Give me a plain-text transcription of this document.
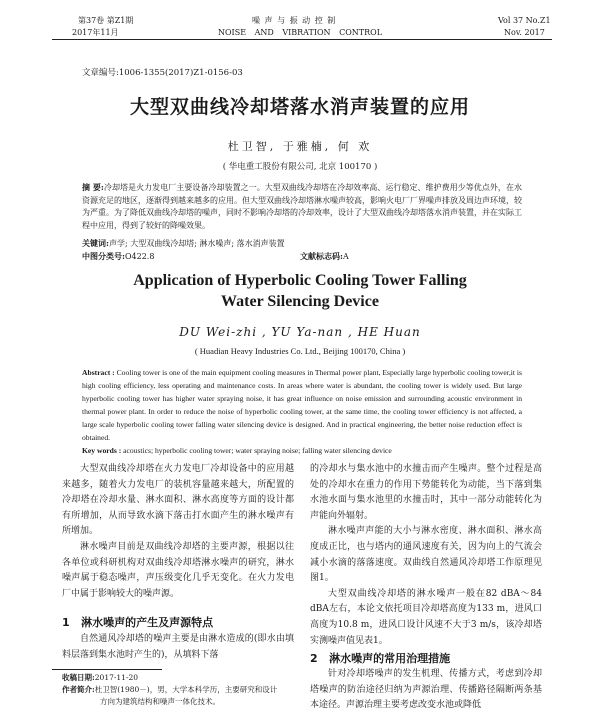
第37卷 第Z1期
2017年11月
噪 声 与 振 动 控 制
NOISE AND VIBRATION CONTROL
Vol 37 No.Z1
Nov. 2017
文章编号:1006-1355(2017)Z1-0156-03
大型双曲线冷却塔落水消声装置的应用
杜卫智, 于雅楠, 何 欢
( 华电重工股份有限公司, 北京 100170 )
摘 要:冷却塔是火力发电厂主要设备冷却装置之一。大型双曲线冷却塔在冷却效率高、运行稳定、维护费用少等优点外，在水资源充足的地区，逐渐得到越来越多的应用。但大型双曲线冷却塔淋水噪声较高，影响火电厂厂界噪声排放及周边声环境，较为严重。为了降低双曲线冷却塔的噪声，同时不影响冷却塔的冷却效率，设计了大型双曲线冷却塔落水消声装置，并在实际工程中应用，得到了较好的降噪效果。
关键词:声学; 大型双曲线冷却塔; 淋水噪声; 落水消声装置
中图分类号:O422.8	文献标志码:A
Application of Hyperbolic Cooling Tower Falling
Water Silencing Device
DU Wei-zhi , YU Ya-nan , HE Huan
( Huadian Heavy Industries Co. Ltd., Beijing 100170, China )
Abstract : Cooling tower is one of the main equipment cooling measures in Thermal power plant, Especially large hyperbolic cooling tower,it is high cooling efficiency, less operating and maintenance costs. In areas where water is abundant, the cooling tower is widely used. But large hyperbolic cooling tower has higher water spraying noise, it has great influence on noise emission and surrounding acoustic environment in thermal power plant. In order to reduce the noise of hyperbolic cooling tower, at the same time, the cooling tower efficiency is not affected, a large scale hyperbolic cooling tower falling water silencing device is designed. And in practical engineering, the better noise reduction effect is obtained.
Key words : acoustics; hyperbolic cooling tower; water spraying noise; falling water silencing device

大型双曲线冷却塔在火力发电厂冷却设备中的应用越来越多，随着火力发电厂的装机容量越来越大，所配置的冷却塔在冷却水量、淋水面积、淋水高度等方面的设计都有所增加，从而导致水滴下落击打水面产生的淋水噪声有所增加。

淋水噪声目前是双曲线冷却塔的主要声源，根据以往各单位或科研机构对双曲线冷却塔淋水噪声的研究，淋水噪声属于稳态噪声，声压级变化几乎无变化。在火力发电厂中属于影响较大的噪声源。

1 淋水噪声的产生及声源特点

自然通风冷却塔的噪声主要是由淋水造成的(即水由填料层落到集水池时产生的)，从填料下落

收稿日期:2017-11-20
作者简介:杜卫智(1980－)，男，大学本科学历，主要研究和设计
方向为建筑结构和噪声一体化技术。

的冷却水与集水池中的水撞击而产生噪声。整个过程是高处的冷却水在重力的作用下势能转化为动能，当下落到集水池水面与集水池里的水撞击时，其中一部分动能转化为声能向外辐射。

淋水噪声声能的大小与淋水密度、淋水面积、淋水高度成正比，也与塔内的通风速度有关，因为向上的气流会减小水滴的落落速度。双曲线自然通风冷却塔工作原理见图1。

大型双曲线冷却塔的淋水噪声一般在82 dBA～84 dBA左右，本论文依托项目冷却塔高度为133 m，进风口高度为10.8 m，进风口设计风速不大于3 m/s，该冷却塔实测噪声值见表1。

2 淋水噪声的常用治理措施

针对冷却塔噪声的发生机理、传播方式，考虑到冷却塔噪声的防治途径归纳为声源治理、传播路径隔断两条基本途径。声源治理主要考虑改变水池或降低
